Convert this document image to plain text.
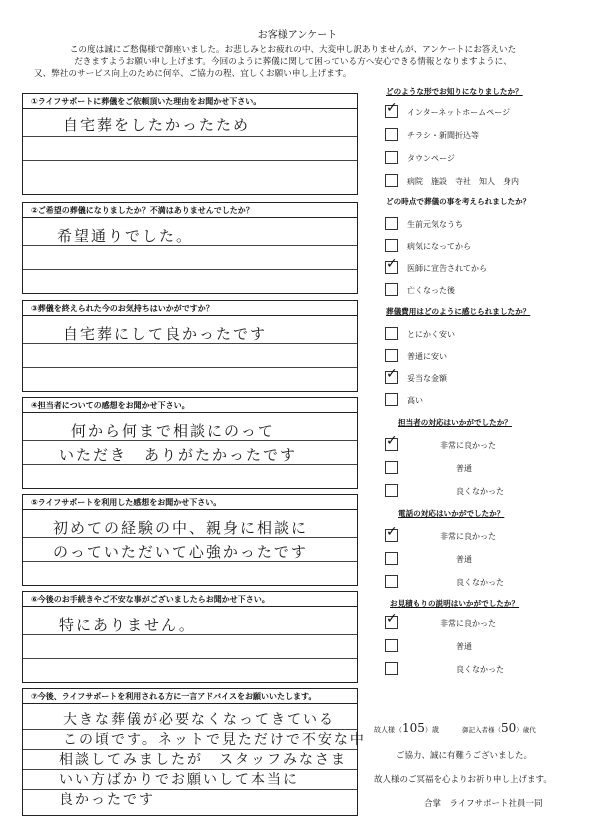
お客様アンケート
この度は誠にご愁傷様で御座いました。お悲しみとお疲れの中、大変申し訳ありませんが、アンケートにお答えいた
だきますようお願い申し上げます。今回のように葬儀に関して困っている方へ安心できる情報となりますように、
又、弊社のサービス向上のために何卒、ご協力の程、宜しくお願い申し上げます。
①ライフサポートに葬儀をご依頼頂いた理由をお聞かせ下さい。
自宅葬をしたかったため
②ご希望の葬儀になりましたか？不満はありませんでしたか？
希望通りでした。
③葬儀を終えられた今のお気持ちはいかがですか？
自宅葬にして良かったです
④担当者についての感想をお聞かせ下さい。
何から何まで相談にのって
いただき　ありがたかったです
⑤ライフサポートを利用した感想をお聞かせ下さい。
初めての経験の中、親身に相談に
のっていただいて心強かったです
⑥今後のお手続きやご不安な事がございましたらお聞かせ下さい。
特にありません。
⑦今後、ライフサポートを利用される方に一言アドバイスをお願いいたします。
大きな葬儀が必要なくなってきている
この頃です。ネットで見ただけで不安な中
相談してみましたが　スタッフみなさま
いい方ばかりでお願いして本当に
良かったです
どのような形でお知りになりましたか？
✓ インターネットホームページ
チラシ・新聞折込等
タウンページ
病院　施設　寺社　知人　身内
どの時点で葬儀の事を考えられましたか？
生前元気なうち
病気になってから
✓ 医師に宣告されてから
亡くなった後
葬儀費用はどのように感じられましたか？
とにかく安い
普通に安い
✓ 妥当な金額
高い
担当者の対応はいかがでしたか？
✓	非常に良かった
普通
良くなかった
電話の対応はいかがでしたか？
✓	非常に良かった
普通
良くなかった
お見積もりの説明はいかがでしたか？
✓	非常に良かった
普通
良くなかった
故人様（105）歳	御記入者様（50）歳代
ご協力、誠に有難うございました。
故人様のご冥福を心よりお祈り申し上げます。
合掌　ライフサポート社員一同
